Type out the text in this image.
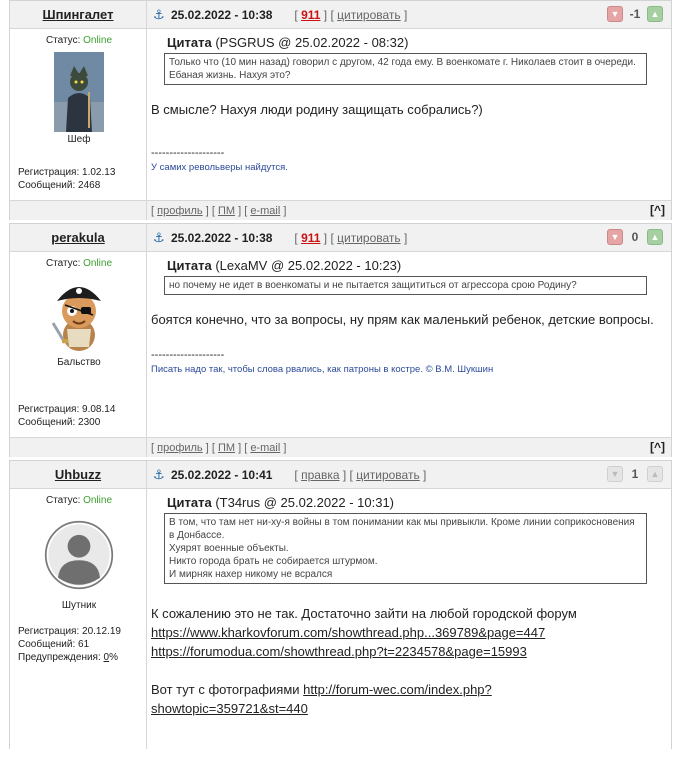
Шпингалет	⚓ 25.02.2022 - 10:38 [ 911 ] [ цитировать ]	▼ -1	▲
Статус: Online
Шеф
Регистрация: 1.02.13
Сообщений: 2468
Цитата (PSGRUS @ 25.02.2022 - 08:32)
Только что (10 мин назад) говорил с другом, 42 года ему. В военкомате г. Николаев стоит в очереди. Ебаная жизнь. Нахуя это?
В смысле? Нахуя люди родину защищать собрались?)
--------------------
У самих револьверы найдутся.
[ профиль ] [ ПМ ] [ e-mail ]	[^]
perakula	⚓ 25.02.2022 - 10:38 [ 911 ] [ цитировать ]	▼	0	▲
Статус: Online
Бальство
Регистрация: 9.08.14
Сообщений: 2300
Цитата (LexaMV @ 25.02.2022 - 10:23)
но почему не идет в военкоматы и не пытается защититься от агрессора срою Родину?
боятся конечно, что за вопросы, ну прям как маленький ребенок, детские вопросы.
--------------------
Писать надо так, чтобы слова рвались, как патроны в костре. © В.М. Шукшин
[ профиль ] [ ПМ ] [ e-mail ]	[^]
Uhbuzz	⚓ 25.02.2022 - 10:41 [ правка ] [ цитировать ]	▼	1	▲
Статус: Online
Шутник
Регистрация: 20.12.19
Сообщений: 61
Предупреждения: 0%
Цитата (T34rus @ 25.02.2022 - 10:31)
В том, что там нет ни-ху-я войны в том понимании как мы привыкли. Кроме линии соприкосновения в Донбассе.
Хуярят военные объекты.
Никто города брать не собирается штурмом.
И мирняк нахер никому не всрался
К сожалению это не так. Достаточно зайти на любой городской форум
https://www.kharkovforum.com/showthread.php...369789&page=447
https://forumodua.com/showthread.php?t=2234578&page=15993
Вот тут с фотографиями http://forum-wec.com/index.php?
showtopic=359721&st=440
